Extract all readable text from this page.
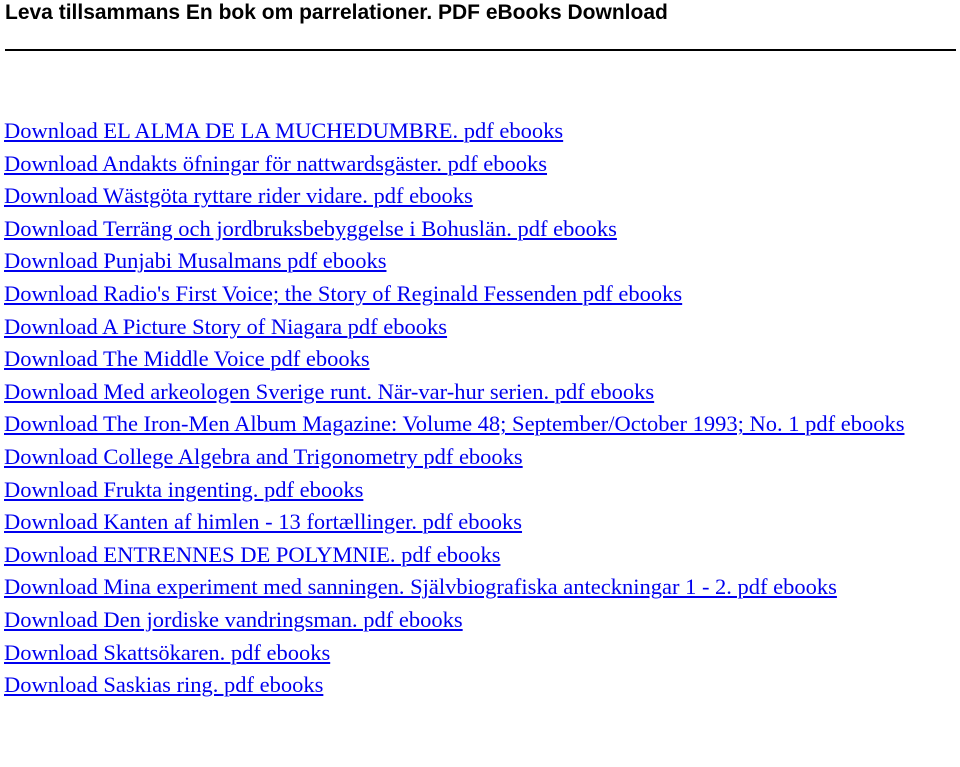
Leva tillsammans En bok om parrelationer. PDF eBooks Download
Download EL ALMA DE LA MUCHEDUMBRE. pdf ebooks
Download Andakts öfningar för nattwardsgäster. pdf ebooks
Download Wästgöta ryttare rider vidare. pdf ebooks
Download Terräng och jordbruksbebyggelse i Bohuslän. pdf ebooks
Download Punjabi Musalmans pdf ebooks
Download Radio's First Voice; the Story of Reginald Fessenden pdf ebooks
Download A Picture Story of Niagara pdf ebooks
Download The Middle Voice pdf ebooks
Download Med arkeologen Sverige runt. När-var-hur serien. pdf ebooks
Download The Iron-Men Album Magazine: Volume 48; September/October 1993; No. 1 pdf ebooks
Download College Algebra and Trigonometry pdf ebooks
Download Frukta ingenting. pdf ebooks
Download Kanten af himlen - 13 fortællinger. pdf ebooks
Download ENTRENNES DE POLYMNIE. pdf ebooks
Download Mina experiment med sanningen. Självbiografiska anteckningar 1 - 2. pdf ebooks
Download Den jordiske vandringsman. pdf ebooks
Download Skattsökaren. pdf ebooks
Download Saskias ring. pdf ebooks
